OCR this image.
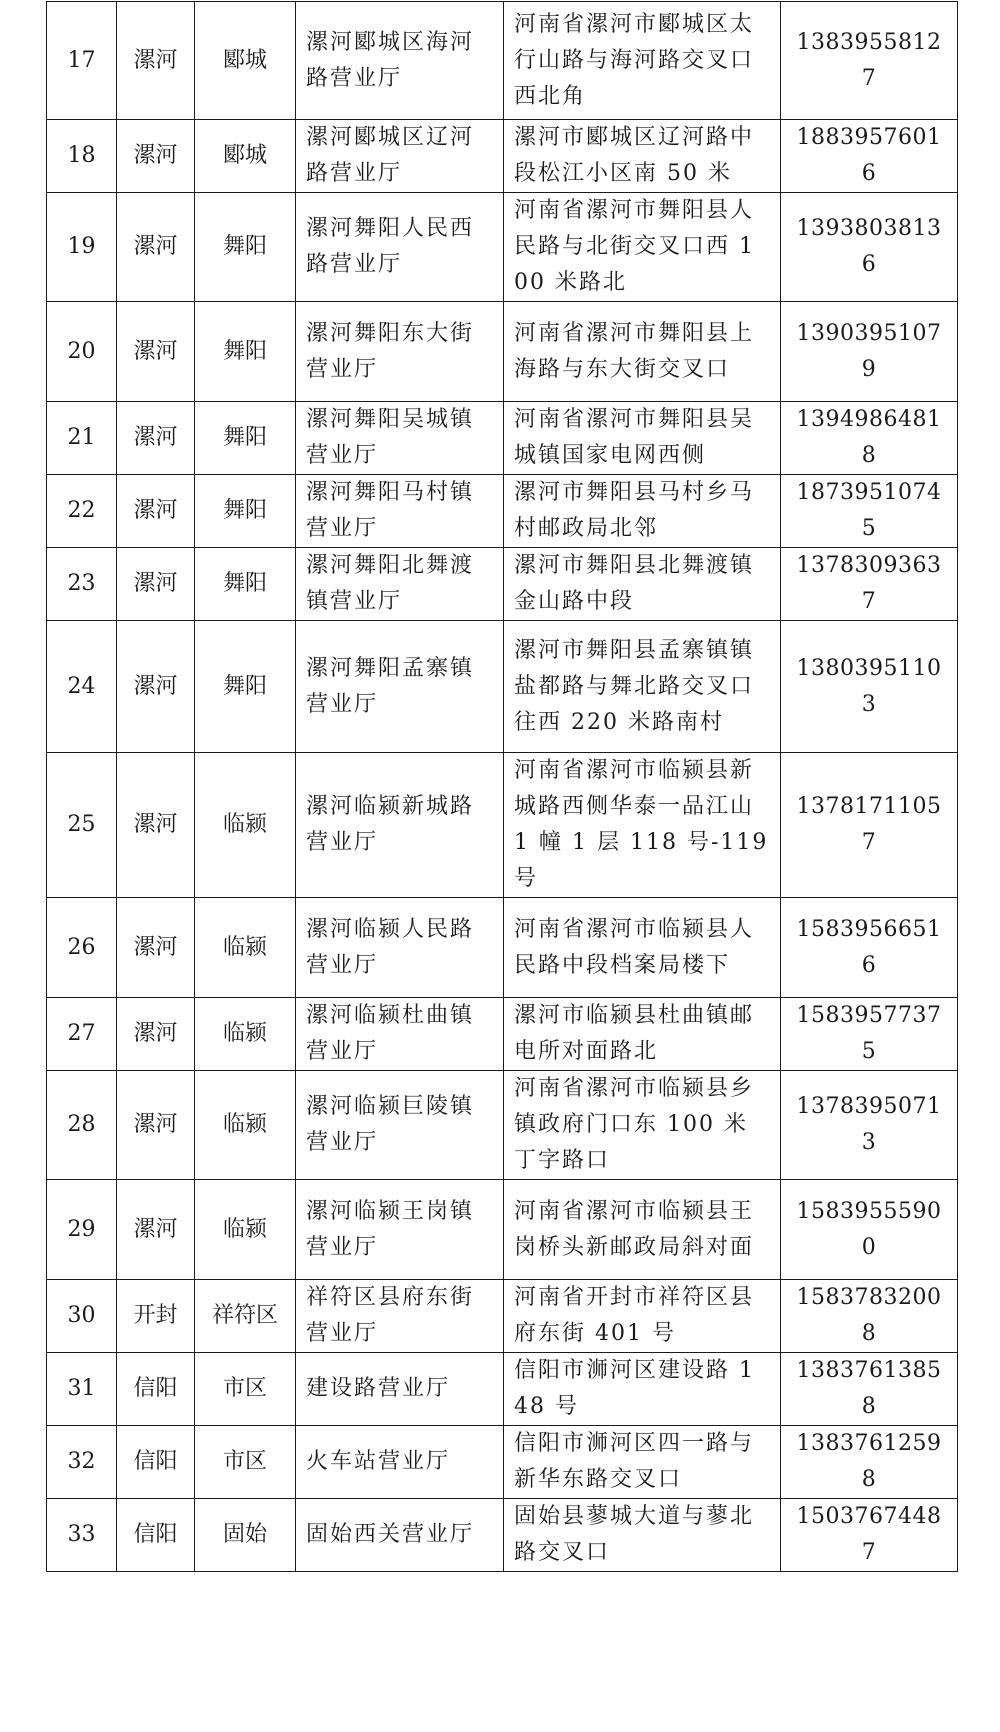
17	漯河	郾城	漯河郾城区海河路营业厅	河南省漯河市郾城区太行山路与海河路交叉口西北角	13839558127
18	漯河	郾城	漯河郾城区辽河路营业厅	漯河市郾城区辽河路中段松江小区南 50 米	18839576016
19	漯河	舞阳	漯河舞阳人民西路营业厅	河南省漯河市舞阳县人民路与北街交叉口西 100 米路北	13938038136
20	漯河	舞阳	漯河舞阳东大街营业厅	河南省漯河市舞阳县上海路与东大街交叉口	13903951079
21	漯河	舞阳	漯河舞阳吴城镇营业厅	河南省漯河市舞阳县吴城镇国家电网西侧	13949864818
22	漯河	舞阳	漯河舞阳马村镇营业厅	漯河市舞阳县马村乡马村邮政局北邻	18739510745
23	漯河	舞阳	漯河舞阳北舞渡镇营业厅	漯河市舞阳县北舞渡镇金山路中段	13783093637
24	漯河	舞阳	漯河舞阳孟寨镇营业厅	漯河市舞阳县孟寨镇镇盐都路与舞北路交叉口往西 220 米路南村	13803951103
25	漯河	临颍	漯河临颍新城路营业厅	河南省漯河市临颍县新城路西侧华泰一品江山 1 幢 1 层 118 号-119 号	13781711057
26	漯河	临颍	漯河临颍人民路营业厅	河南省漯河市临颍县人民路中段档案局楼下	15839566516
27	漯河	临颍	漯河临颍杜曲镇营业厅	漯河市临颍县杜曲镇邮电所对面路北	15839577375
28	漯河	临颍	漯河临颍巨陵镇营业厅	河南省漯河市临颍县乡镇政府门口东 100 米丁字路口	13783950713
29	漯河	临颍	漯河临颍王岗镇营业厅	河南省漯河市临颍县王岗桥头新邮政局斜对面	15839555900
30	开封	祥符区	祥符区县府东街营业厅	河南省开封市祥符区县府东街 401 号	15837832008
31	信阳	市区	建设路营业厅	信阳市浉河区建设路 148 号	13837613858
32	信阳	市区	火车站营业厅	信阳市浉河区四一路与新华东路交叉口	13837612598
33	信阳	固始	固始西关营业厅	固始县蓼城大道与蓼北路交叉口	15037674487
